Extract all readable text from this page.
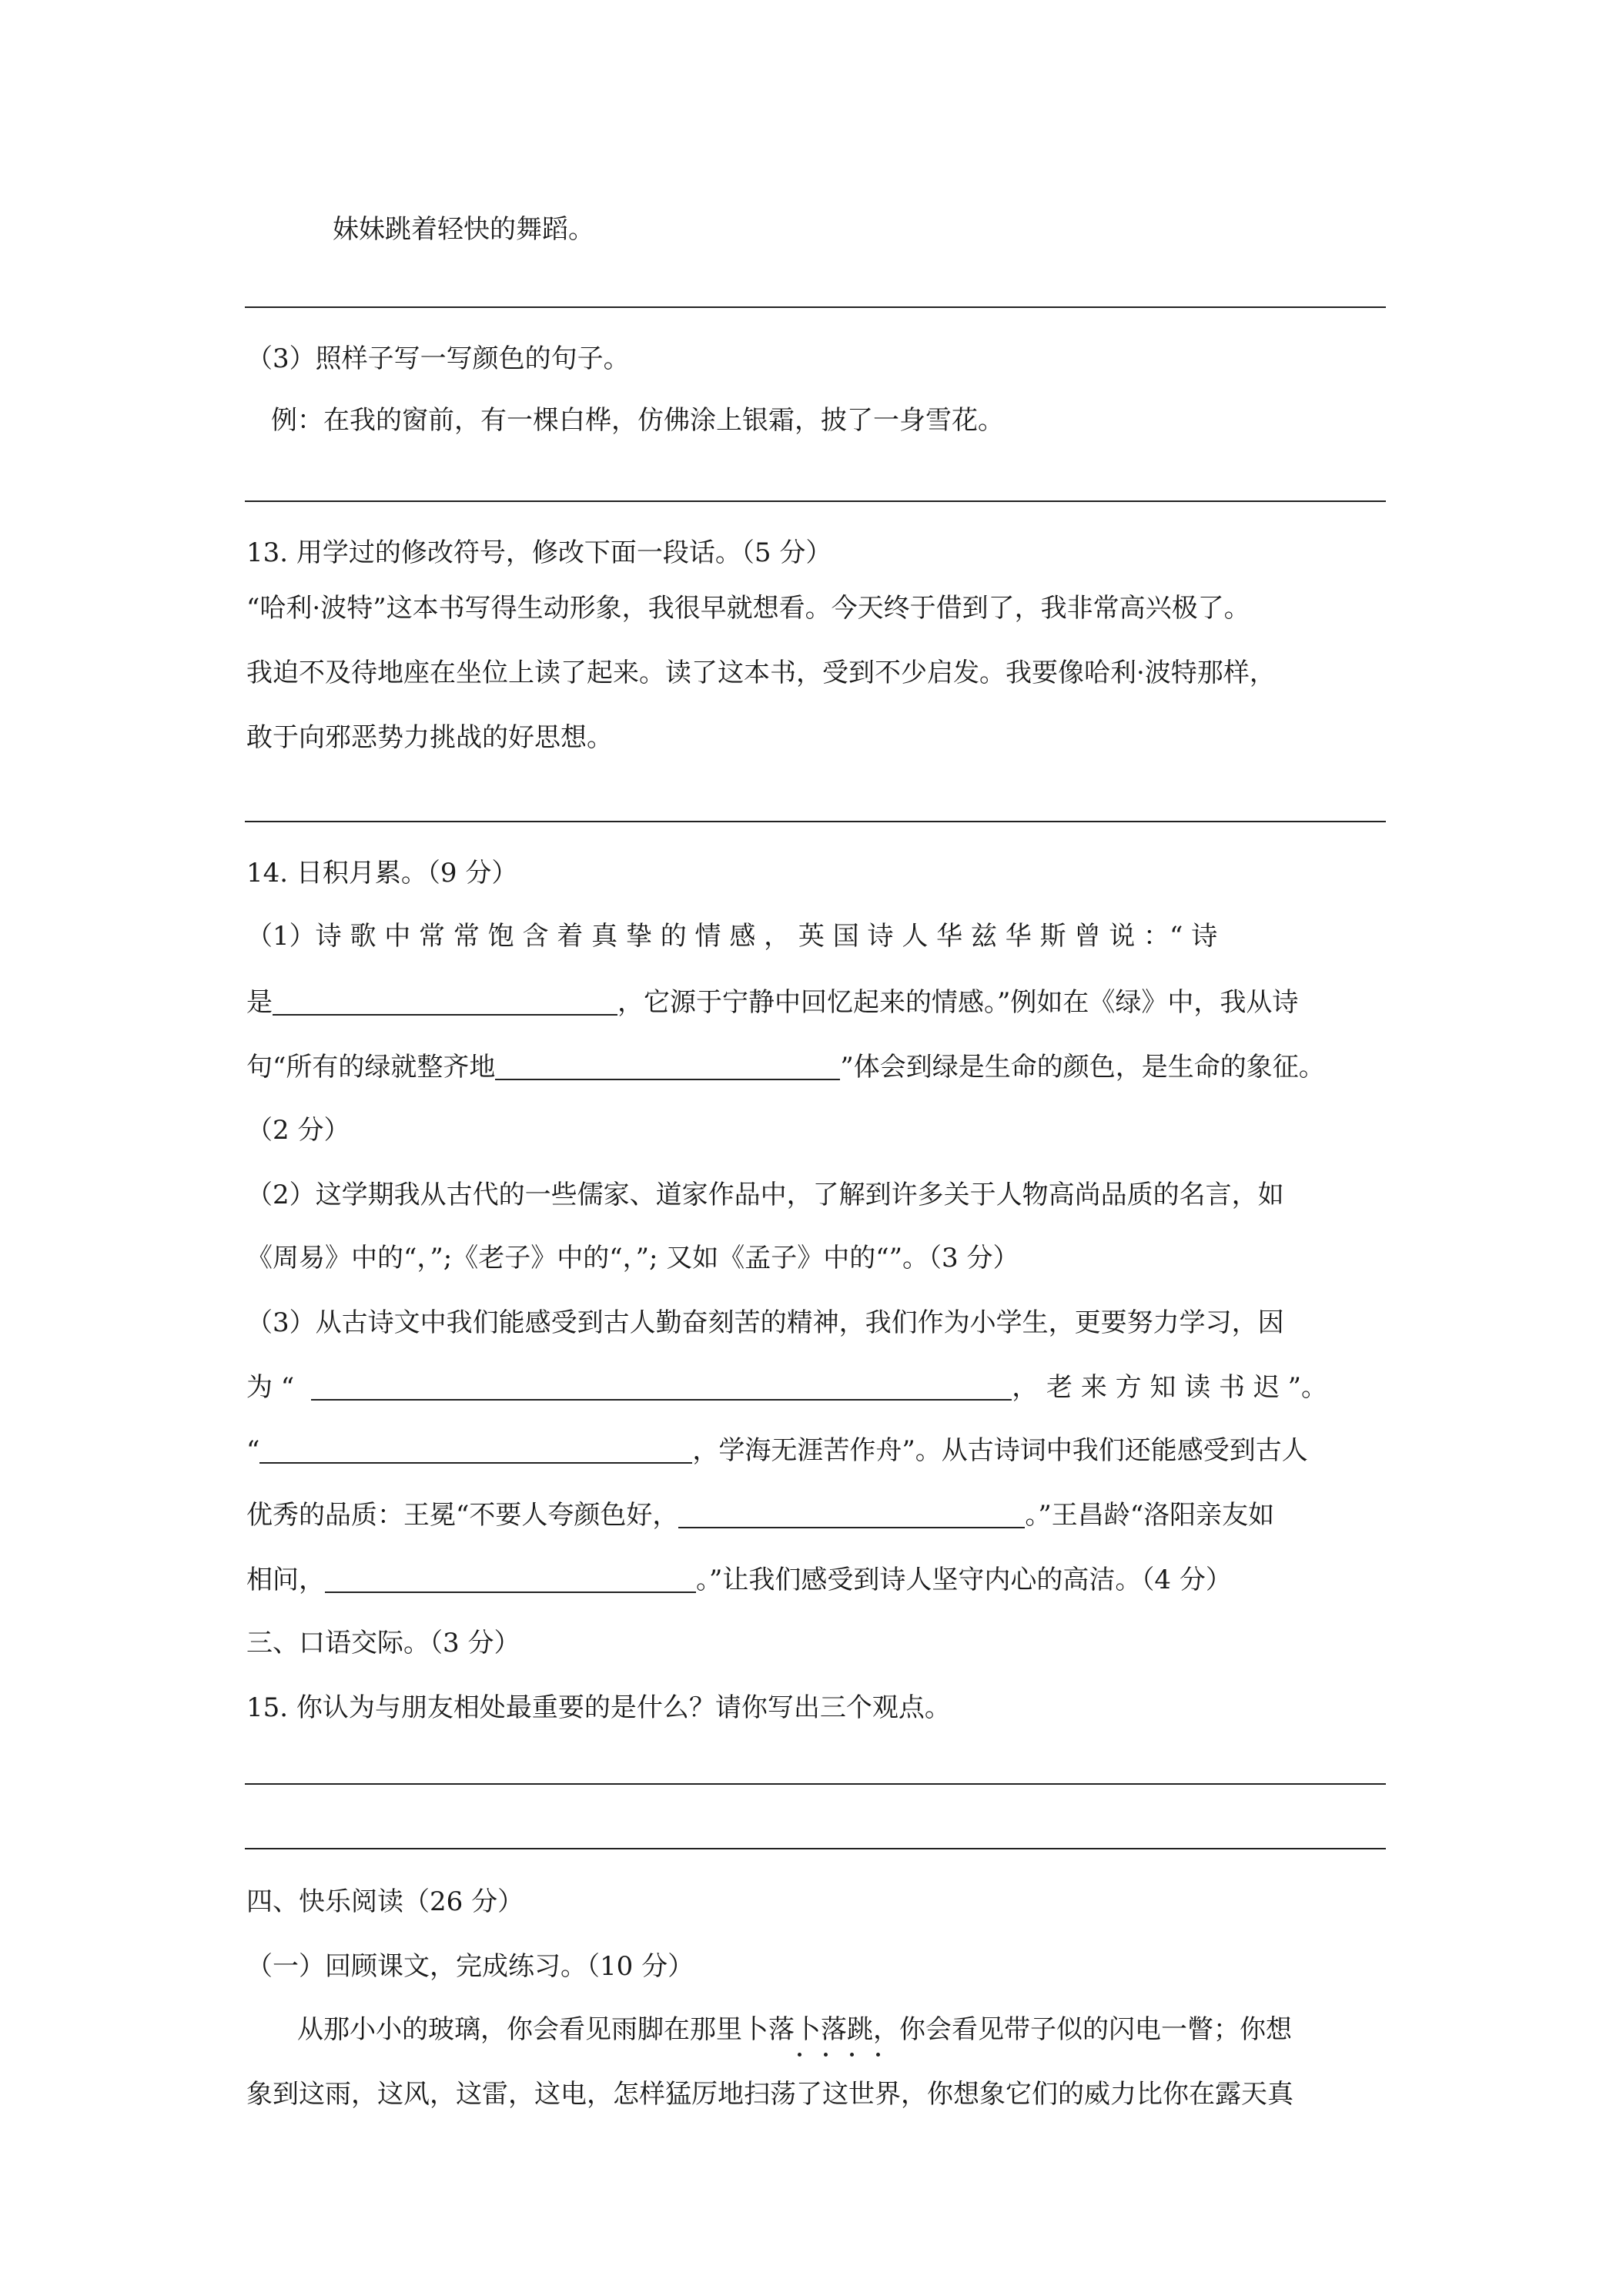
妹妹跳着轻快的舞蹈。
（3）照样子写一写颜色的句子。
例：在我的窗前，有一棵白桦，仿佛涂上银霜，披了一身雪花。
13. 用学过的修改符号，修改下面一段话。（5 分）
“哈利·波特”这本书写得生动形象，我很早就想看。今天终于借到了，我非常高兴极了。
我迫不及待地座在坐位上读了起来。读了这本书，受到不少启发。我要像哈利·波特那样，
敢于向邪恶势力挑战的好思想。
14. 日积月累。（9 分）
（1）诗 歌 中 常 常 饱 含 着 真 挚 的 情 感 ， 英 国 诗 人 华 兹 华 斯 曾 说 ：“ 诗
是	，它源于宁静中回忆起来的情感。”例如在《绿》中，我从诗
句“所有的绿就整齐地	”体会到绿是生命的颜色，是生命的象征。
（2 分）
（2）这学期我从古代的一些儒家、道家作品中，了解到许多关于人物高尚品质的名言，如
《周易》中的“，”;《老子》中的“，”; 又如《孟子》中的“”。（3 分）
（3）从古诗文中我们能感受到古人勤奋刻苦的精神，我们作为小学生，更要努力学习，因
为 “	， 老 来 方 知 读 书 迟 ”。
“	，学海无涯苦作舟”。从古诗词中我们还能感受到古人
优秀的品质：王冕“不要人夸颜色好，	。”王昌龄“洛阳亲友如
相问，	。”让我们感受到诗人坚守内心的高洁。（4 分）
三、口语交际。（3 分）
15. 你认为与朋友相处最重要的是什么？请你写出三个观点。
四、快乐阅读（26 分）
（一）回顾课文，完成练习。（10 分）
从那小小的玻璃，你会看见雨脚在那里卜落卜落跳，你会看见带子似的闪电一瞥；你想
象到这雨，这风，这雷，这电，怎样猛厉地扫荡了这世界，你想象它们的威力比你在露天真
